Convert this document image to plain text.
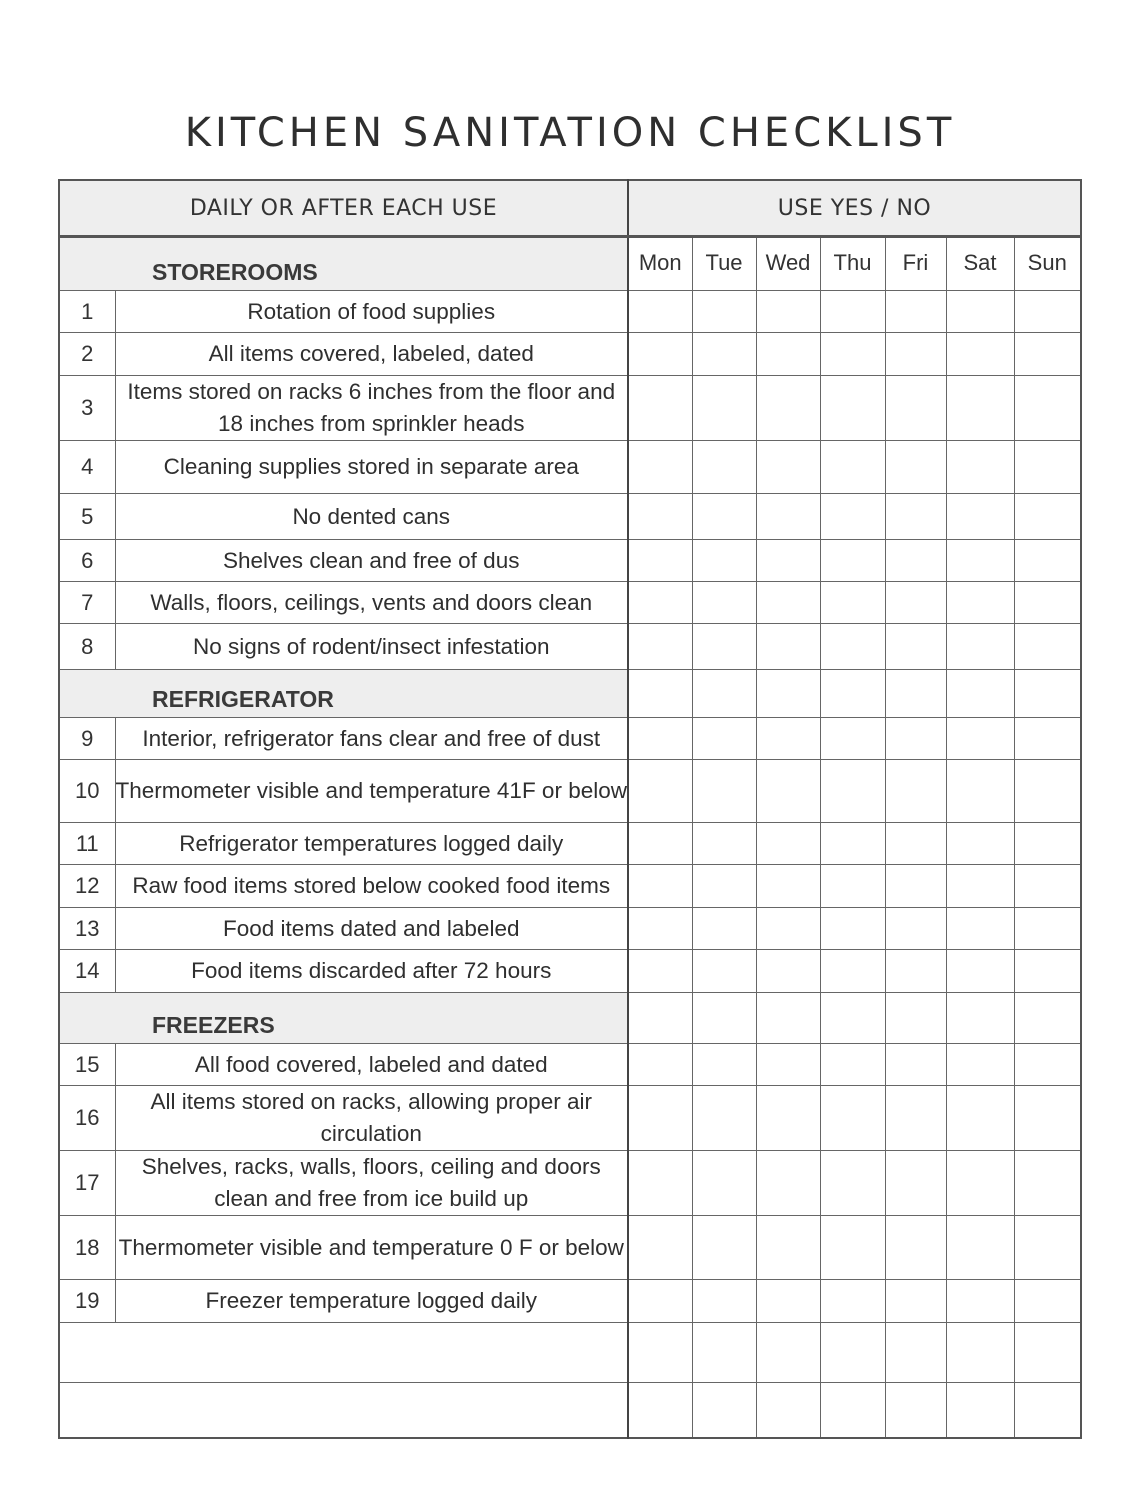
KITCHEN SANITATION CHECKLIST
DAILY OR AFTER EACH USE		USE YES / NO						
STOREROOMS		Mon	Tue	Wed	Thu	Fri	Sat	Sun
1	Rotation of food supplies							
2	All items covered, labeled, dated							
3	Items stored on racks 6 inches from the floor and 18 inches from sprinkler heads							
4	Cleaning supplies stored in separate area							
5	No dented cans							
6	Shelves clean and free of dus							
7	Walls, floors, ceilings, vents and doors clean							
8	No signs of rodent/insect infestation							
REFRIGERATOR								
9	Interior, refrigerator fans clear and free of dust							
10	Thermometer visible and temperature 41F or below							
11	Refrigerator temperatures logged daily							
12	Raw food items stored below cooked food items							
13	Food items dated and labeled							
14	Food items discarded after 72 hours							
FREEZERS								
15	All food covered, labeled and dated							
16	All items stored on racks, allowing proper air circulation							
17	Shelves, racks, walls, floors, ceiling and doors clean and free from ice build up							
18	Thermometer visible and temperature 0 F or below							
19	Freezer temperature logged daily							
